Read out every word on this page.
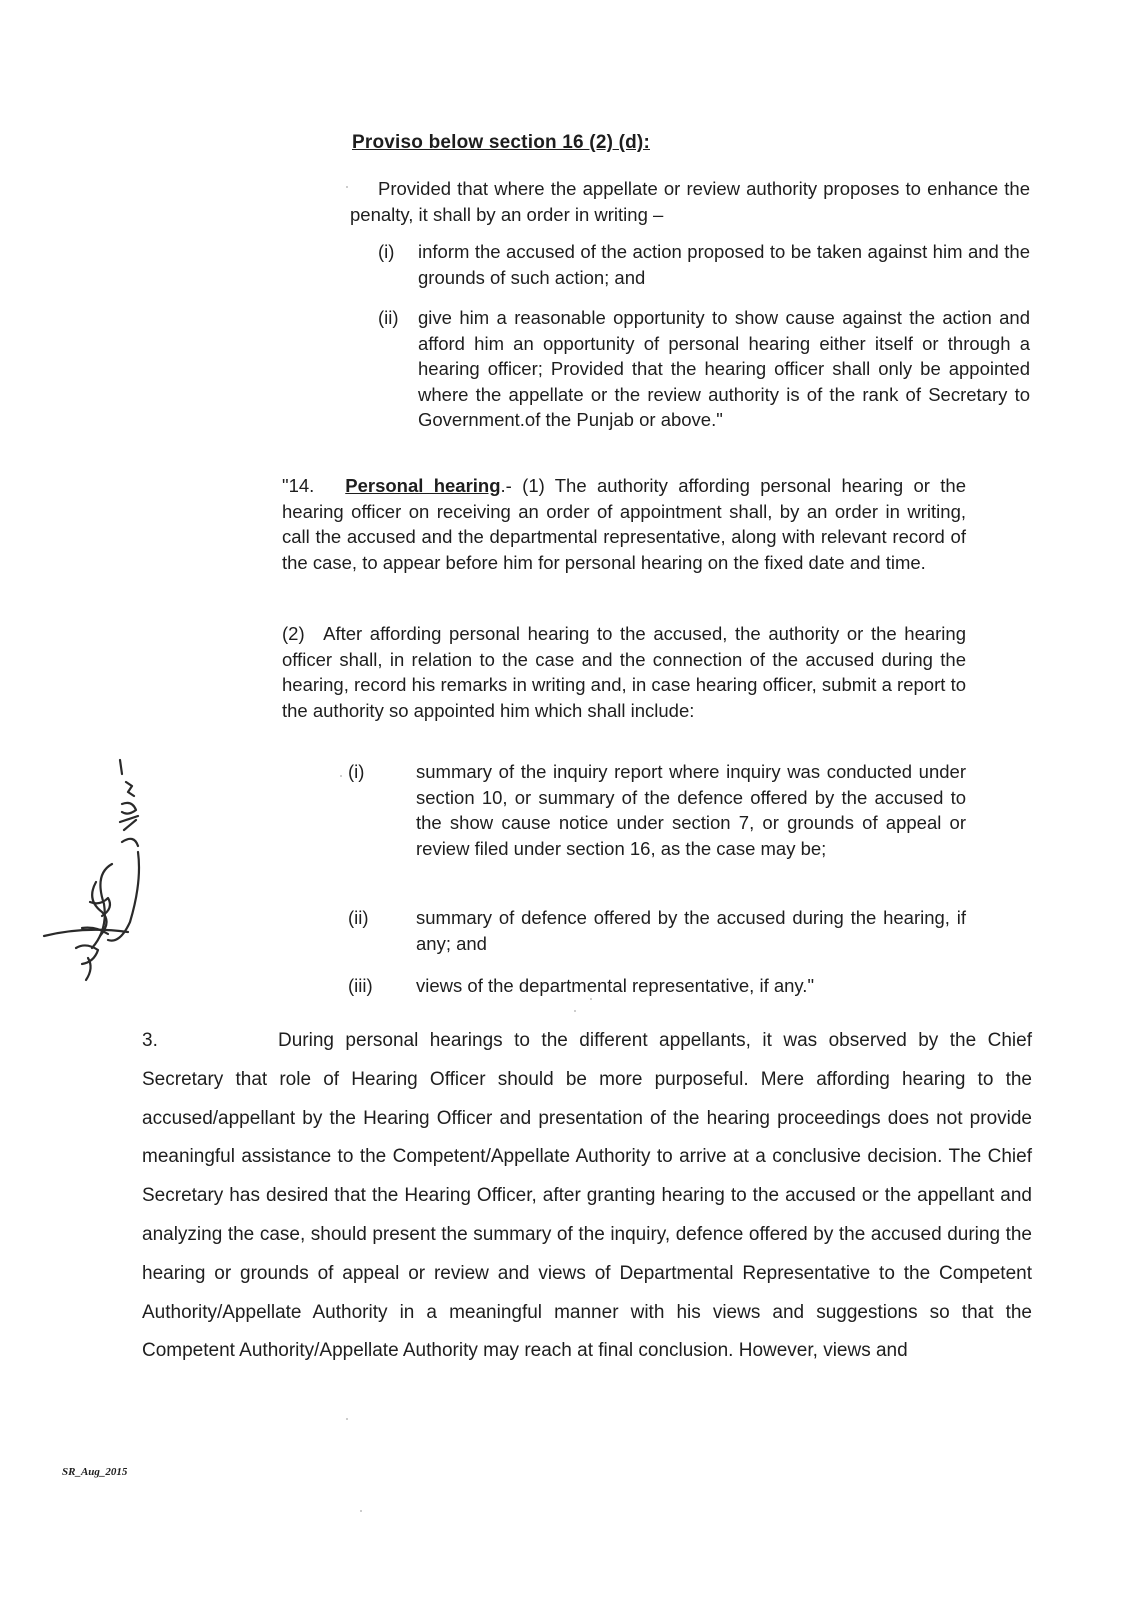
Proviso below section 16 (2) (d):
Provided that where the appellate or review authority proposes to enhance the penalty, it shall by an order in writing –
(i) inform the accused of the action proposed to be taken against him and the grounds of such action; and
(ii) give him a reasonable opportunity to show cause against the action and afford him an opportunity of personal hearing either itself or through a hearing officer; Provided that the hearing officer shall only be appointed where the appellate or the review authority is of the rank of Secretary to Government.of the Punjab or above."
"14. Personal hearing.- (1) The authority affording personal hearing or the hearing officer on receiving an order of appointment shall, by an order in writing, call the accused and the departmental representative, along with relevant record of the case, to appear before him for personal hearing on the fixed date and time.
(2) After affording personal hearing to the accused, the authority or the hearing officer shall, in relation to the case and the connection of the accused during the hearing, record his remarks in writing and, in case hearing officer, submit a report to the authority so appointed him which shall include:
(i)	summary of the inquiry report where inquiry was conducted under section 10, or summary of the defence offered by the accused to the show cause notice under section 7, or grounds of appeal or review filed under section 16, as the case may be;
(ii)	summary of defence offered by the accused during the hearing, if any; and
(iii) views of the departmental representative, if any."
3.	During personal hearings to the different appellants, it was observed by the Chief Secretary that role of Hearing Officer should be more purposeful. Mere affording hearing to the accused/appellant by the Hearing Officer and presentation of the hearing proceedings does not provide meaningful assistance to the Competent/Appellate Authority to arrive at a conclusive decision. The Chief Secretary has desired that the Hearing Officer, after granting hearing to the accused or the appellant and analyzing the case, should present the summary of the inquiry, defence offered by the accused during the hearing or grounds of appeal or review and views of Departmental Representative to the Competent Authority/Appellate Authority in a meaningful manner with his views and suggestions so that the Competent Authority/Appellate Authority may reach at final conclusion. However, views and
SR_Aug_2015
